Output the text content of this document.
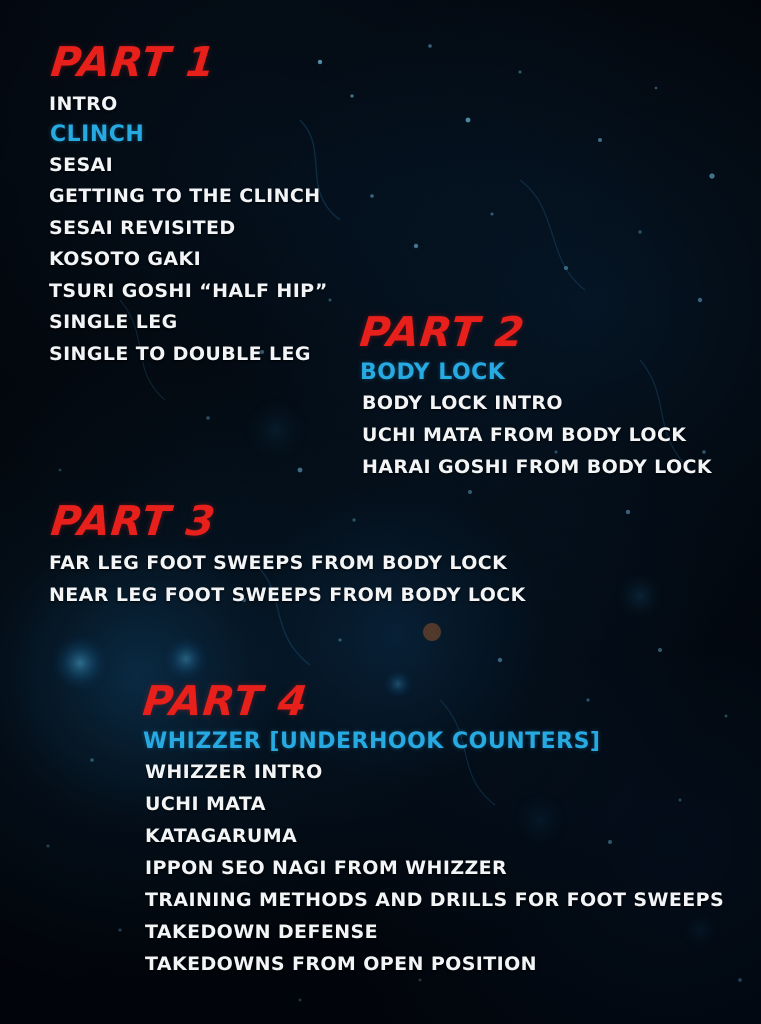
PART 1
INTRO
CLINCH
SESAI
GETTING TO THE CLINCH
SESAI REVISITED
KOSOTO GAKI
TSURI GOSHI “HALF HIP”
SINGLE LEG
SINGLE TO DOUBLE LEG	PART 2
BODY LOCK
BODY LOCK INTRO
UCHI MATA FROM BODY LOCK
HARAI GOSHI FROM BODY LOCK
PART 3
FAR LEG FOOT SWEEPS FROM BODY LOCK
NEAR LEG FOOT SWEEPS FROM BODY LOCK
PART 4
WHIZZER [UNDERHOOK COUNTERS]
WHIZZER INTRO
UCHI MATA
KATAGARUMA
IPPON SEO NAGI FROM WHIZZER
TRAINING METHODS AND DRILLS FOR FOOT SWEEPS
TAKEDOWN DEFENSE
TAKEDOWNS FROM OPEN POSITION
